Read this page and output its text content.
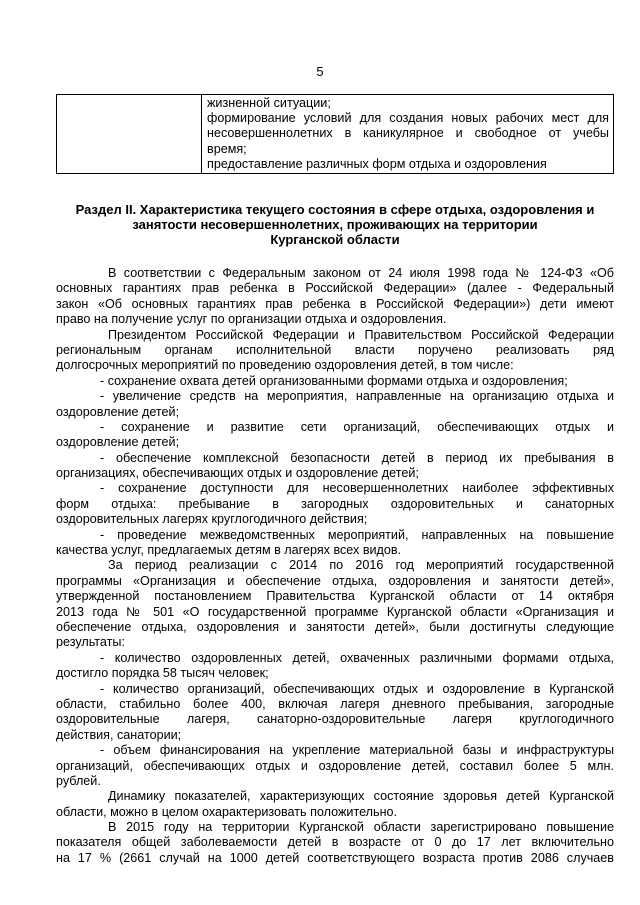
5

жизненной ситуации;
формирование условий для создания новых рабочих мест для
несовершеннолетних в каникулярное и свободное от учебы
время;
предоставление различных форм отдыха и оздоровления
Раздел II. Характеристика текущего состояния в сфере отдыха, оздоровления и
занятости несовершеннолетних, проживающих на территории
Курганской области
В соответствии с Федеральным законом от 24 июля 1998 года № 124-ФЗ «Об
основных гарантиях прав ребенка в Российской Федерации» (далее - Федеральный
закон «Об основных гарантиях прав ребенка в Российской Федерации») дети имеют
право на получение услуг по организации отдыха и оздоровления.
Президентом Российской Федерации и Правительством Российской Федерации
региональным органам исполнительной власти поручено реализовать ряд
долгосрочных мероприятий по проведению оздоровления детей, в том числе:
- сохранение охвата детей организованными формами отдыха и оздоровления;
- увеличение средств на мероприятия, направленные на организацию отдыха и
оздоровление детей;
- сохранение и развитие сети организаций, обеспечивающих отдых и
оздоровление детей;
- обеспечение комплексной безопасности детей в период их пребывания в
организациях, обеспечивающих отдых и оздоровление детей;
- сохранение доступности для несовершеннолетних наиболее эффективных
форм отдыха: пребывание в загородных оздоровительных и санаторных
оздоровительных лагерях круглогодичного действия;
- проведение межведомственных мероприятий, направленных на повышение
качества услуг, предлагаемых детям в лагерях всех видов.
За период реализации с 2014 по 2016 год мероприятий государственной
программы «Организация и обеспечение отдыха, оздоровления и занятости детей»,
утвержденной постановлением Правительства Курганской области от 14 октября
2013 года № 501 «О государственной программе Курганской области «Организация и
обеспечение отдыха, оздоровления и занятости детей», были достигнуты следующие
результаты:
- количество оздоровленных детей, охваченных различными формами отдыха,
достигло порядка 58 тысяч человек;
- количество организаций, обеспечивающих отдых и оздоровление в Курганской
области, стабильно более 400, включая лагеря дневного пребывания, загородные
оздоровительные лагеря, санаторно-оздоровительные лагеря круглогодичного
действия, санатории;
- объем финансирования на укрепление материальной базы и инфраструктуры
организаций, обеспечивающих отдых и оздоровление детей, составил более 5 млн.
рублей.
Динамику показателей, характеризующих состояние здоровья детей Курганской
области, можно в целом охарактеризовать положительно.
В 2015 году на территории Курганской области зарегистрировано повышение
показателя общей заболеваемости детей в возрасте от 0 до 17 лет включительно
на 17 % (2661 случай на 1000 детей соответствующего возраста против 2086 случаев
